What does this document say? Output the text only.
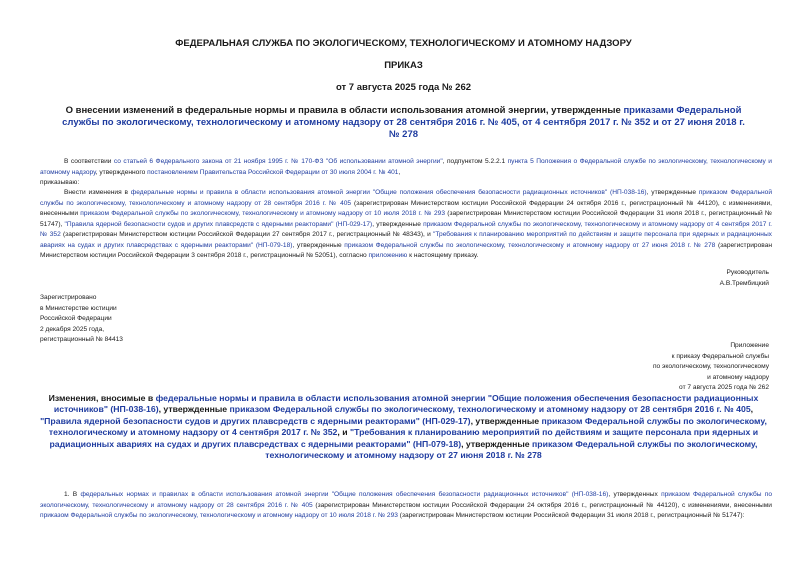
ФЕДЕРАЛЬНАЯ СЛУЖБА ПО ЭКОЛОГИЧЕСКОМУ, ТЕХНОЛОГИЧЕСКОМУ И АТОМНОМУ НАДЗОРУ
ПРИКАЗ
от 7 августа 2025 года № 262
О внесении изменений в федеральные нормы и правила в области использования атомной энергии, утвержденные приказами Федеральной службы по экологическому, технологическому и атомному надзору от 28 сентября 2016 г. № 405, от 4 сентября 2017 г. № 352 и от 27 июня 2018 г. № 278
В соответствии со статьей 6 Федерального закона от 21 ноября 1995 г. № 170-ФЗ "Об использовании атомной энергии", подпунктом 5.2.2.1 пункта 5 Положения о Федеральной службе по экологическому, технологическому и атомному надзору, утвержденного постановлением Правительства Российской Федерации от 30 июля 2004 г. № 401,
приказываю:
Внести изменения в федеральные нормы и правила в области использования атомной энергии "Общие положения обеспечения безопасности радиационных источников" (НП-038-16), утвержденные приказом Федеральной службы по экологическому, технологическому и атомному надзору от 28 сентября 2016 г. № 405 (зарегистрирован Министерством юстиции Российской Федерации 24 октября 2016 г., регистрационный № 44120), с изменениями, внесенными приказом Федеральной службы по экологическому, технологическому и атомному надзору от 10 июля 2018 г. № 293 (зарегистрирован Министерством юстиции Российской Федерации 31 июля 2018 г., регистрационный № 51747), "Правила ядерной безопасности судов и других плавсредств с ядерными реакторами" (НП-029-17), утвержденные приказом Федеральной службы по экологическому, технологическому и атомному надзору от 4 сентября 2017 г. № 352 (зарегистрирован Министерством юстиции Российской Федерации 27 сентября 2017 г., регистрационный № 48343), и "Требования к планированию мероприятий по действиям и защите персонала при ядерных и радиационных авариях на судах и других плавсредствах с ядерными реакторами" (НП-079-18), утвержденные приказом Федеральной службы по экологическому, технологическому и атомному надзору от 27 июня 2018 г. № 278 (зарегистрирован Министерством юстиции Российской Федерации 3 сентября 2018 г., регистрационный № 52051), согласно приложению к настоящему приказу.
Руководитель
А.В.Трембицкий
Зарегистрировано
в Министерстве юстиции
Российской Федерации
2 декабря 2025 года,
регистрационный № 84413
Приложение
к приказу Федеральной службы
по экологическому, технологическому
и атомному надзору
от 7 августа 2025 года № 262
Изменения, вносимые в федеральные нормы и правила в области использования атомной энергии "Общие положения обеспечения безопасности радиационных источников" (НП-038-16), утвержденные приказом Федеральной службы по экологическому, технологическому и атомному надзору от 28 сентября 2016 г. № 405, "Правила ядерной безопасности судов и других плавсредств с ядерными реакторами" (НП-029-17), утвержденные приказом Федеральной службы по экологическому, технологическому и атомному надзору от 4 сентября 2017 г. № 352, и "Требования к планированию мероприятий по действиям и защите персонала при ядерных и радиационных авариях на судах и других плавсредствах с ядерными реакторами" (НП-079-18), утвержденные приказом Федеральной службы по экологическому, технологическому и атомному надзору от 27 июня 2018 г. № 278
1. В федеральных нормах и правилах в области использования атомной энергии "Общие положения обеспечения безопасности радиационных источников" (НП-038-16), утвержденных приказом Федеральной службы по экологическому, технологическому и атомному надзору от 28 сентября 2016 г. № 405 (зарегистрирован Министерством юстиции Российской Федерации 24 октября 2016 г., регистрационный № 44120), с изменениями, внесенными приказом Федеральной службы по экологическому, технологическому и атомному надзору от 10 июля 2018 г. № 293 (зарегистрирован Министерством юстиции Российской Федерации 31 июля 2018 г., регистрационный № 51747):
